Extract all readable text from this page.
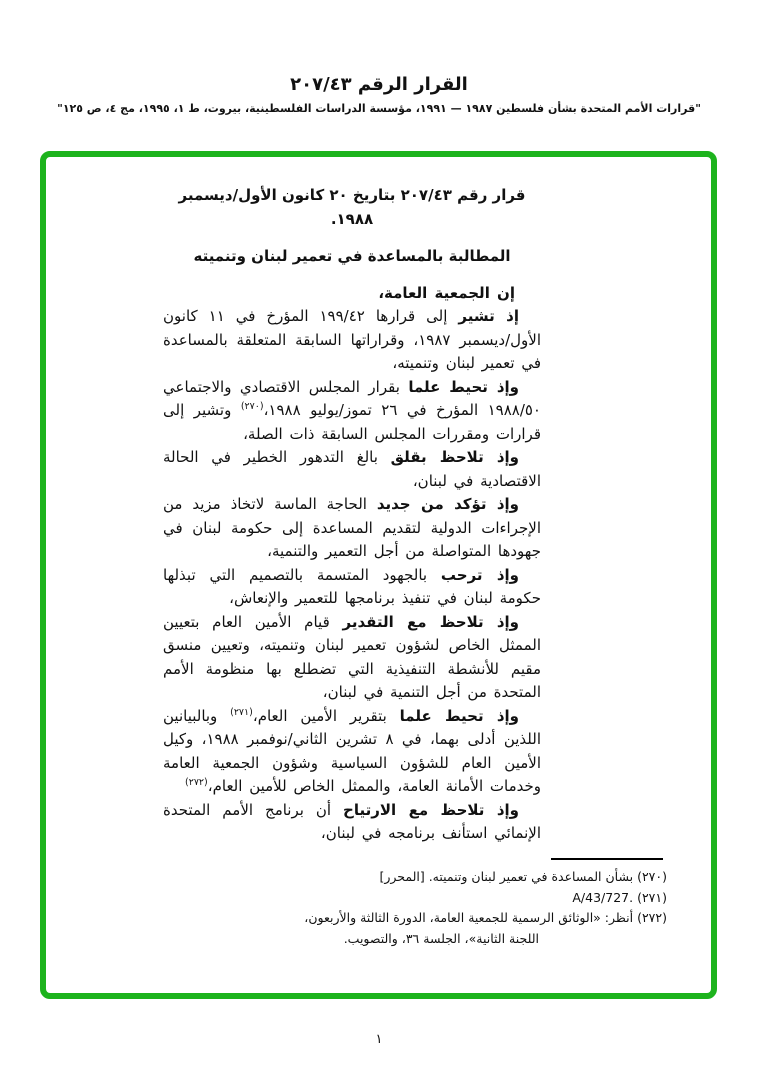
القرار الرقم ٢٠٧/٤٣
"قرارات الأمم المتحدة بشأن فلسطين ١٩٨٧ — ١٩٩١، مؤسسة الدراسات الفلسطينية، بيروت، ط ١، ١٩٩٥، مج ٤، ص ١٢٥"

قرار رقم ٢٠٧/٤٣ بتاريخ ٢٠ كانون الأول/ديسمبر ١٩٨٨.

المطالبة بالمساعدة في تعمير لبنان وتنميته

إن الجمعية العامة،

إذ تشير إلى قرارها ١٩٩/٤٢ المؤرخ في ١١ كانون الأول/ديسمبر ١٩٨٧، وقراراتها السابقة المتعلقة بالمساعدة في تعمير لبنان وتنميته،

وإذ تحيط علما بقرار المجلس الاقتصادي والاجتماعي ١٩٨٨/٥٠ المؤرخ في ٢٦ تموز/يوليو ١٩٨٨،$^{(٢٧٠)}$ وتشير إلى قرارات ومقررات المجلس السابقة ذات الصلة،

وإذ تلاحظ بقلق بالغ التدهور الخطير في الحالة الاقتصادية في لبنان،

وإذ تؤكد من جديد الحاجة الماسة لاتخاذ مزيد من الإجراءات الدولية لتقديم المساعدة إلى حكومة لبنان في جهودها المتواصلة من أجل التعمير والتنمية،

وإذ ترحب بالجهود المتسمة بالتصميم التي تبذلها حكومة لبنان في تنفيذ برنامجها للتعمير والإنعاش،

وإذ تلاحظ مع التقدير قيام الأمين العام بتعيين الممثل الخاص لشؤون تعمير لبنان وتنميته، وتعيين منسق مقيم للأنشطة التنفيذية التي تضطلع بها منظومة الأمم المتحدة من أجل التنمية في لبنان،

وإذ تحيط علما بتقرير الأمين العام،$^{(٢٧١)}$ وبالبيانين اللذين أدلى بهما، في ٨ تشرين الثاني/نوفمبر ١٩٨٨، وكيل الأمين العام للشؤون السياسية وشؤون الجمعية العامة وخدمات الأمانة العامة، والممثل الخاص للأمين العام،$^{(٢٧٢)}$

وإذ تلاحظ مع الارتياح أن برنامج الأمم المتحدة الإنمائي استأنف برنامجه في لبنان،

(٢٧٠) بشأن المساعدة في تعمير لبنان وتنميته. [المحرر]

(٢٧١) A/43/727.‎

(٢٧٢) أنظر: «الوثائق الرسمية للجمعية العامة، الدورة الثالثة والأربعون،

اللجنة الثانية»، الجلسة ٣٦، والتصويب.

١
